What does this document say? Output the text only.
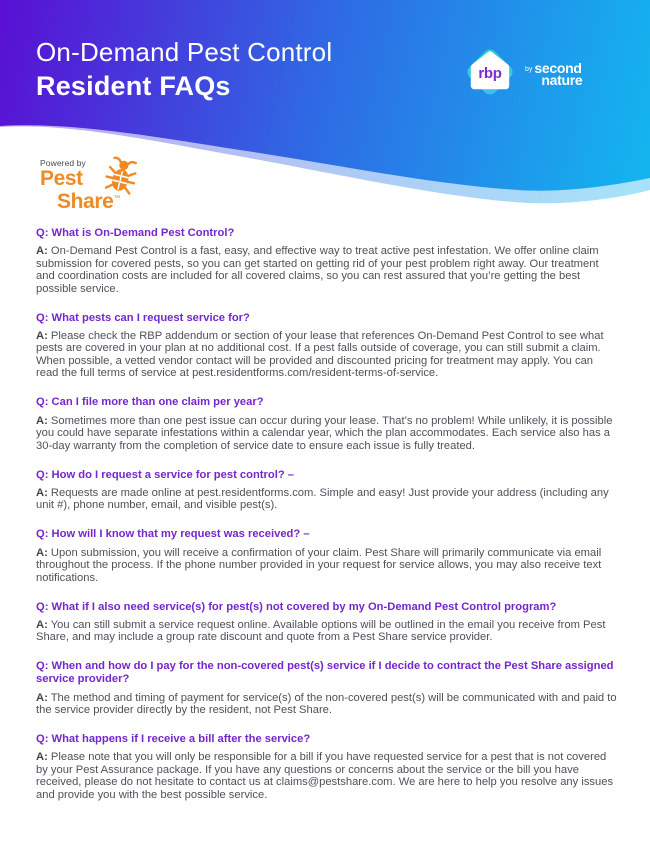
On-Demand Pest Control
Resident FAQs	rbp	by second
nature
Powered by
Pest
Share™
Q: What is On-Demand Pest Control?

A: On-Demand Pest Control is a fast, easy, and effective way to treat active pest infestation. We offer online claim submission for covered pests, so you can get started on getting rid of your pest problem right away. Our treatment and coordination costs are included for all covered claims, so you can rest assured that you’re getting the best possible service.

Q: What pests can I request service for?

A: Please check the RBP addendum or section of your lease that references On-Demand Pest Control to see what pests are covered in your plan at no additional cost. If a pest falls outside of coverage, you can still submit a claim. When possible, a vetted vendor contact will be provided and discounted pricing for treatment may apply. You can read the full terms of service at pest.residentforms.com/resident-terms-of-service.

Q: Can I file more than one claim per year?

A: Sometimes more than one pest issue can occur during your lease. That’s no problem! While unlikely, it is possible you could have separate infestations within a calendar year, which the plan accommodates. Each service also has a 30-day warranty from the completion of service date to ensure each issue is fully treated.

Q: How do I request a service for pest control? –

A: Requests are made online at pest.residentforms.com. Simple and easy! Just provide your address (including any unit #), phone number, email, and visible pest(s).

Q: How will I know that my request was received? –

A: Upon submission, you will receive a confirmation of your claim. Pest Share will primarily communicate via email throughout the process. If the phone number provided in your request for service allows, you may also receive text notifications.

Q: What if I also need service(s) for pest(s) not covered by my On-Demand Pest Control program?

A: You can still submit a service request online. Available options will be outlined in the email you receive from Pest Share, and may include a group rate discount and quote from a Pest Share service provider.

Q: When and how do I pay for the non-covered pest(s) service if I decide to contract the Pest Share assigned service provider?

A: The method and timing of payment for service(s) of the non-covered pest(s) will be communicated with and paid to the service provider directly by the resident, not Pest Share.

Q: What happens if I receive a bill after the service?

A: Please note that you will only be responsible for a bill if you have requested service for a pest that is not covered by your Pest Assurance package. If you have any questions or concerns about the service or the bill you have received, please do not hesitate to contact us at claims@pestshare.com. We are here to help you resolve any issues and provide you with the best possible service.
